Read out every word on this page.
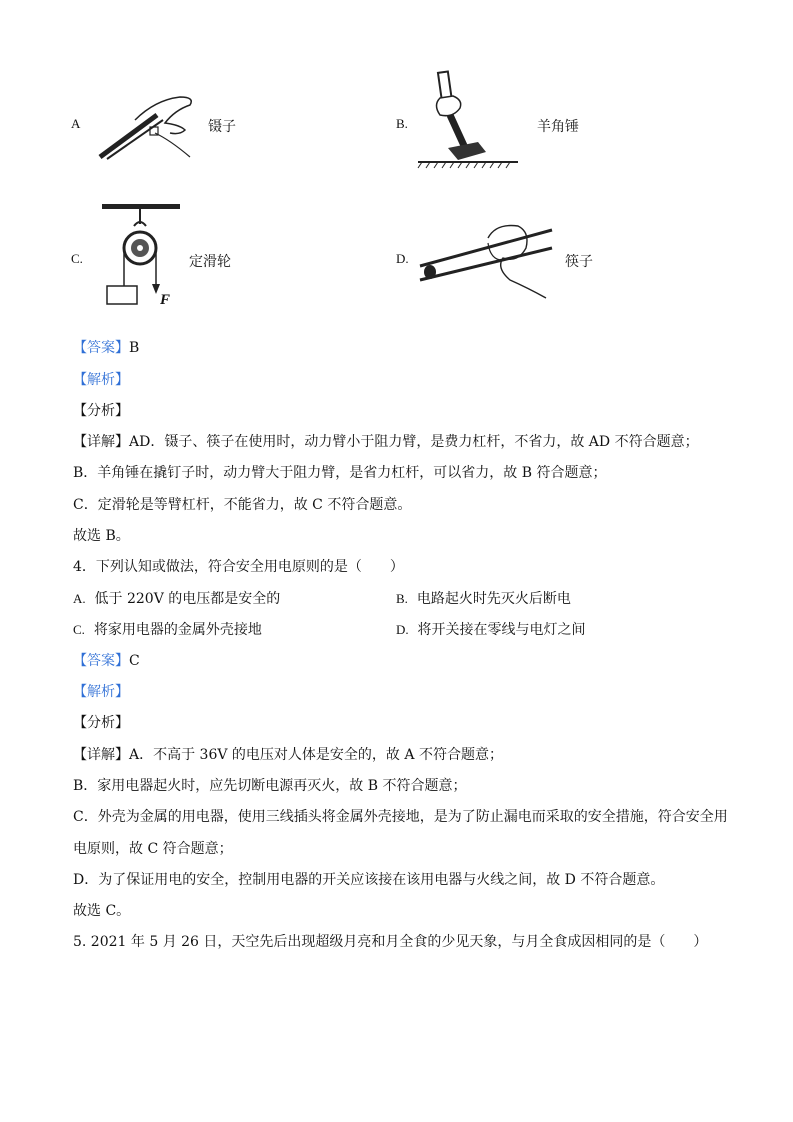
A	镊子	B.	羊角锤
C.
F
定滑轮	D.	筷子
【答案】B
【解析】
【分析】
【详解】AD．镊子、筷子在使用时，动力臂小于阻力臂，是费力杠杆，不省力，故 AD 不符合题意；
B．羊角锤在撬钉子时，动力臂大于阻力臂，是省力杠杆，可以省力，故 B 符合题意；
C．定滑轮是等臂杠杆，不能省力，故 C 不符合题意。
故选 B。
4．下列认知或做法，符合安全用电原则的是（　　）
A. 低于 220V 的电压都是安全的	B. 电路起火时先灭火后断电
C. 将家用电器的金属外壳接地	D. 将开关接在零线与电灯之间
【答案】C
【解析】
【分析】
【详解】A．不高于 36V 的电压对人体是安全的，故 A 不符合题意；
B．家用电器起火时，应先切断电源再灭火，故 B 不符合题意；
C．外壳为金属的用电器，使用三线插头将金属外壳接地，是为了防止漏电而采取的安全措施，符合安全用
电原则，故 C 符合题意；
D．为了保证用电的安全，控制用电器的开关应该接在该用电器与火线之间，故 D 不符合题意。
故选 C。
5. 2021 年 5 月 26 日，天空先后出现超级月亮和月全食的少见天象，与月全食成因相同的是（　　）
